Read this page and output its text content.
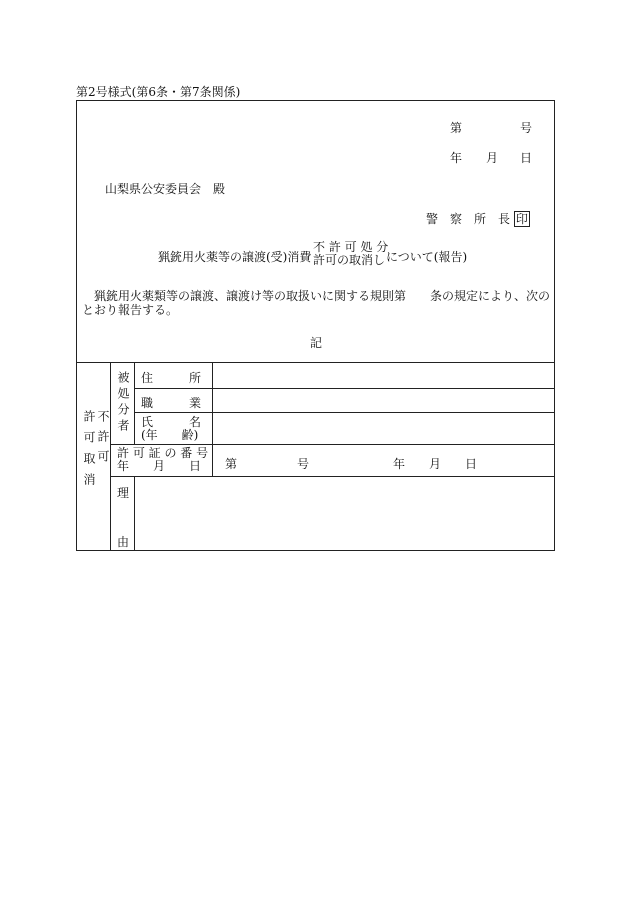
第2号様式(第6条・第7条関係)
第	号
年 月 日
山梨県公安委員会　殿
警　察　所　長 印
猟銃用火薬等の譲渡(受)消費
不 許 可 処 分
許可の取消し について(報告)
猟銃用火薬類等の譲渡、譲渡け等の取扱いに関する規則第　　条の規定により、次の
とおり報告する。
記
不許可
許可取消
被処分者 住　　　所
職　　　業
氏　　　名
(年　　齢)
許 可 証 の 番 号
年　　月　　日 第　　　　　号　　　　　　　年　　月　　日
理
由
